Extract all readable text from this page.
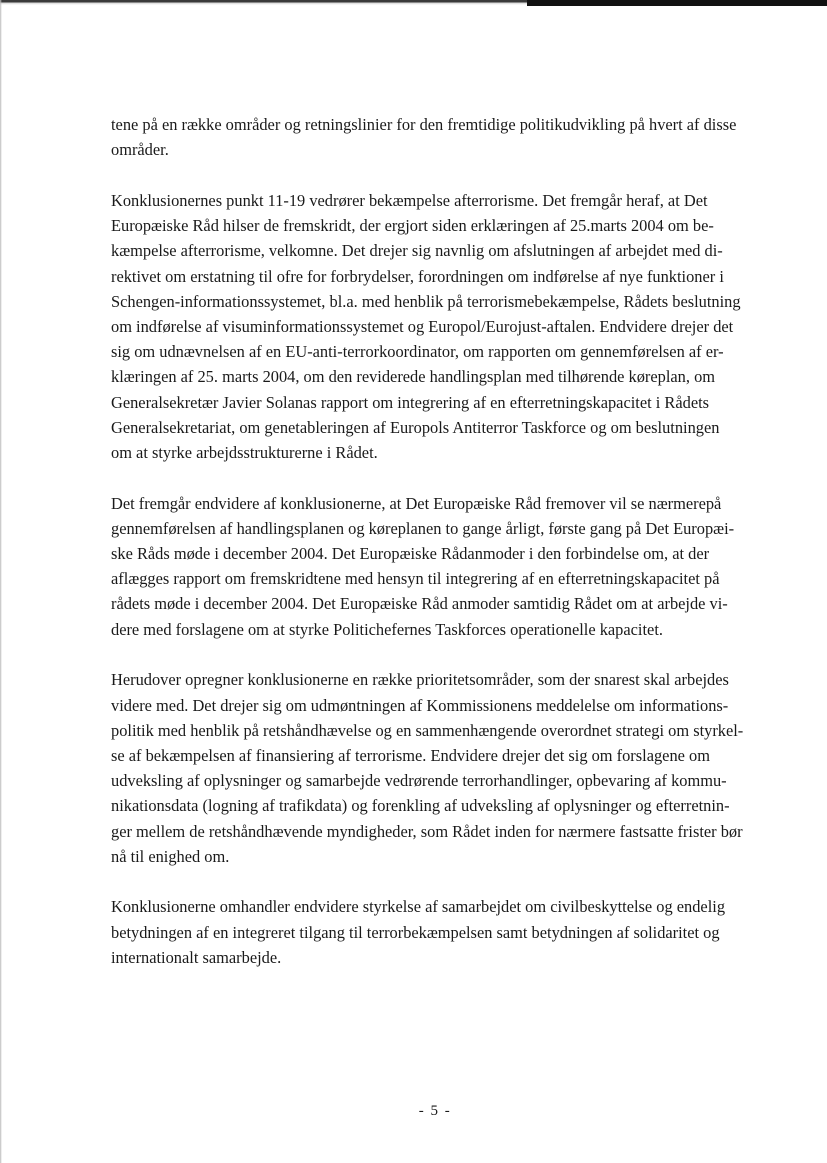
tene på en række områder og retningslinier for den fremtidige politikudvikling på hvert af disse
områder.

Konklusionernes punkt 11-19 vedrører bekæmpelse afterrorisme. Det fremgår heraf, at Det
Europæiske Råd hilser de fremskridt, der ergjort siden erklæringen af 25.marts 2004 om be-
kæmpelse afterrorisme, velkomne. Det drejer sig navnlig om afslutningen af arbejdet med di-
rektivet om erstatning til ofre for forbrydelser, forordningen om indførelse af nye funktioner i
Schengen-informationssystemet, bl.a. med henblik på terrorismebekæmpelse, Rådets beslutning
om indførelse af visuminformationssystemet og Europol/Eurojust-aftalen. Endvidere drejer det
sig om udnævnelsen af en EU-anti-terrorkoordinator, om rapporten om gennemførelsen af er-
klæringen af 25. marts 2004, om den reviderede handlingsplan med tilhørende køreplan, om
Generalsekretær Javier Solanas rapport om integrering af en efterretningskapacitet i Rådets
Generalsekretariat, om genetableringen af Europols Antiterror Taskforce og om beslutningen
om at styrke arbejdsstrukturerne i Rådet.

Det fremgår endvidere af konklusionerne, at Det Europæiske Råd fremover vil se nærmerepå
gennemførelsen af handlingsplanen og køreplanen to gange årligt, første gang på Det Europæi-
ske Råds møde i december 2004. Det Europæiske Rådanmoder i den forbindelse om, at der
aflægges rapport om fremskridtene med hensyn til integrering af en efterretningskapacitet på
rådets møde i december 2004. Det Europæiske Råd anmoder samtidig Rådet om at arbejde vi-
dere med forslagene om at styrke Politichefernes Taskforces operationelle kapacitet.

Herudover opregner konklusionerne en række prioritetsområder, som der snarest skal arbejdes
videre med. Det drejer sig om udmøntningen af Kommissionens meddelelse om informations-
politik med henblik på retshåndhævelse og en sammenhængende overordnet strategi om styrkel-
se af bekæmpelsen af finansiering af terrorisme. Endvidere drejer det sig om forslagene om
udveksling af oplysninger og samarbejde vedrørende terrorhandlinger, opbevaring af kommu-
nikationsdata (logning af trafikdata) og forenkling af udveksling af oplysninger og efterretnin-
ger mellem de retshåndhævende myndigheder, som Rådet inden for nærmere fastsatte frister bør
nå til enighed om.

Konklusionerne omhandler endvidere styrkelse af samarbejdet om civilbeskyttelse og endelig
betydningen af en integreret tilgang til terrorbekæmpelsen samt betydningen af solidaritet og
internationalt samarbejde.

- 5 -
